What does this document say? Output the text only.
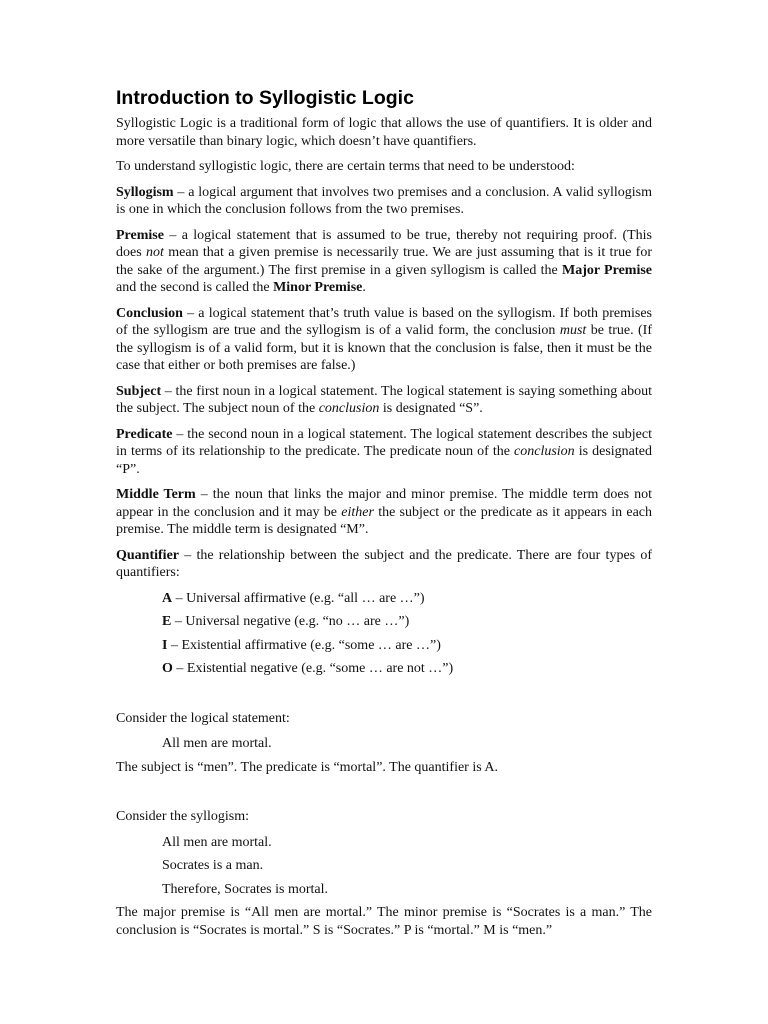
Introduction to Syllogistic Logic

Syllogistic Logic is a traditional form of logic that allows the use of quantifiers. It is older and more versatile than binary logic, which doesn’t have quantifiers.

To understand syllogistic logic, there are certain terms that need to be understood:

Syllogism – a logical argument that involves two premises and a conclusion. A valid syllogism is one in which the conclusion follows from the two premises.

Premise – a logical statement that is assumed to be true, thereby not requiring proof. (This does not mean that a given premise is necessarily true. We are just assuming that is it true for the sake of the argument.) The first premise in a given syllogism is called the Major Premise and the second is called the Minor Premise.

Conclusion – a logical statement that’s truth value is based on the syllogism. If both premises of the syllogism are true and the syllogism is of a valid form, the conclusion must be true. (If the syllogism is of a valid form, but it is known that the conclusion is false, then it must be the case that either or both premises are false.)

Subject – the first noun in a logical statement. The logical statement is saying something about the subject. The subject noun of the conclusion is designated “S”.

Predicate – the second noun in a logical statement. The logical statement describes the subject in terms of its relationship to the predicate. The predicate noun of the conclusion is designated “P”.

Middle Term – the noun that links the major and minor premise. The middle term does not appear in the conclusion and it may be either the subject or the predicate as it appears in each premise. The middle term is designated “M”.

Quantifier – the relationship between the subject and the predicate. There are four types of quantifiers:

A – Universal affirmative (e.g. “all … are …”)
E – Universal negative (e.g. “no … are …”)
I – Existential affirmative (e.g. “some … are …”)
O – Existential negative (e.g. “some … are not …”)

Consider the logical statement:

All men are mortal.

The subject is “men”. The predicate is “mortal”. The quantifier is A.

Consider the syllogism:

All men are mortal.
Socrates is a man.
Therefore, Socrates is mortal.

The major premise is “All men are mortal.” The minor premise is “Socrates is a man.” The conclusion is “Socrates is mortal.” S is “Socrates.” P is “mortal.” M is “men.”
